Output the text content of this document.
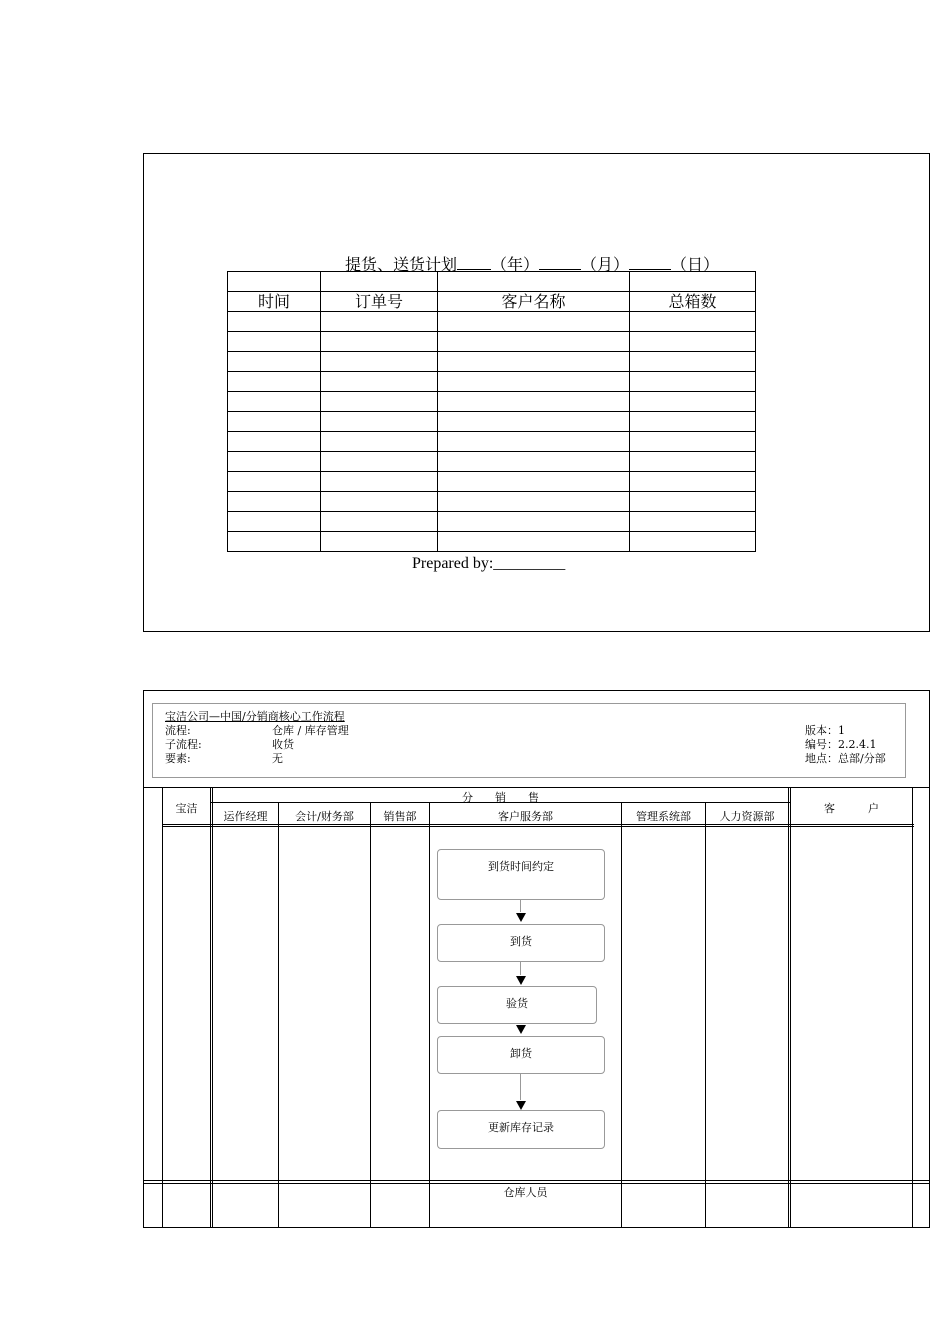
提货、送货计划 （年）	（月）	（日）

时间	订单号	客户名称	总箱数

Prepared by:_________
宝洁公司—中国/分销商核心工作流程
流程:	仓库 / 库存管理
子流程:	收货
要素:	无
版本：1
编号：2.2.4.1
地点：总部/分部
宝洁
分　　销　　售
运作经理	会计/财务部	销售部	客户服务部	管理系统部	人力资源部
客　　　户
到货时间约定
到货
验货
卸货
更新库存记录
仓库人员
